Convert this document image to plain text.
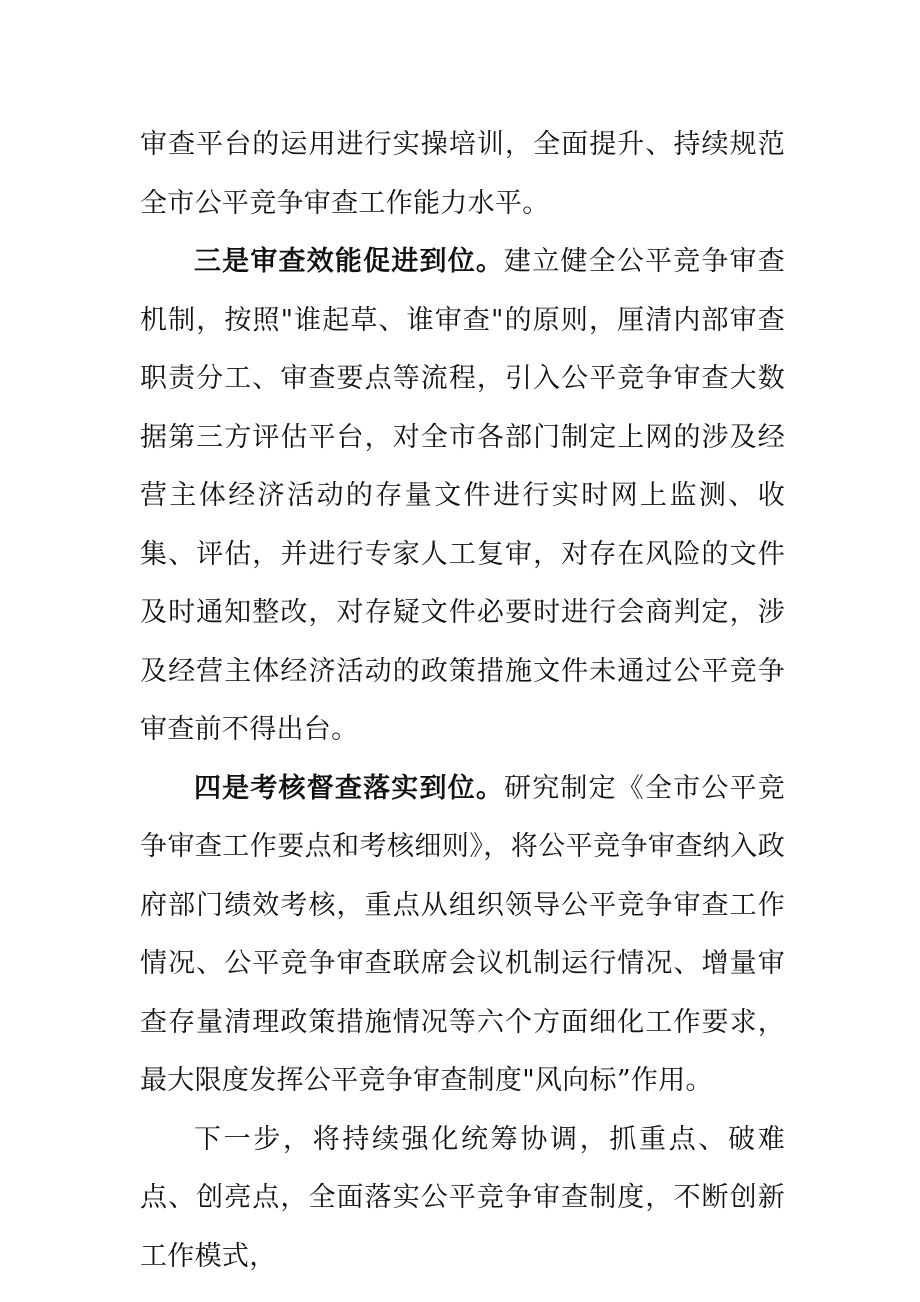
审查平台的运用进行实操培训，全面提升、持续规范全市公平竞争审查工作能力水平。

三是审查效能促进到位。建立健全公平竞争审查机制，按照"谁起草、谁审查"的原则，厘清内部审查职责分工、审查要点等流程，引入公平竞争审查大数据第三方评估平台，对全市各部门制定上网的涉及经营主体经济活动的存量文件进行实时网上监测、收集、评估，并进行专家人工复审，对存在风险的文件及时通知整改，对存疑文件必要时进行会商判定，涉及经营主体经济活动的政策措施文件未通过公平竞争审查前不得出台。

四是考核督查落实到位。研究制定《全市公平竞争审查工作要点和考核细则》，将公平竞争审查纳入政府部门绩效考核，重点从组织领导公平竞争审查工作情况、公平竞争审查联席会议机制运行情况、增量审查存量清理政策措施情况等六个方面细化工作要求，最大限度发挥公平竞争审查制度"风向标”作用。

下一步，将持续强化统筹协调，抓重点、破难点、创亮点，全面落实公平竞争审查制度，不断创新工作模式，
